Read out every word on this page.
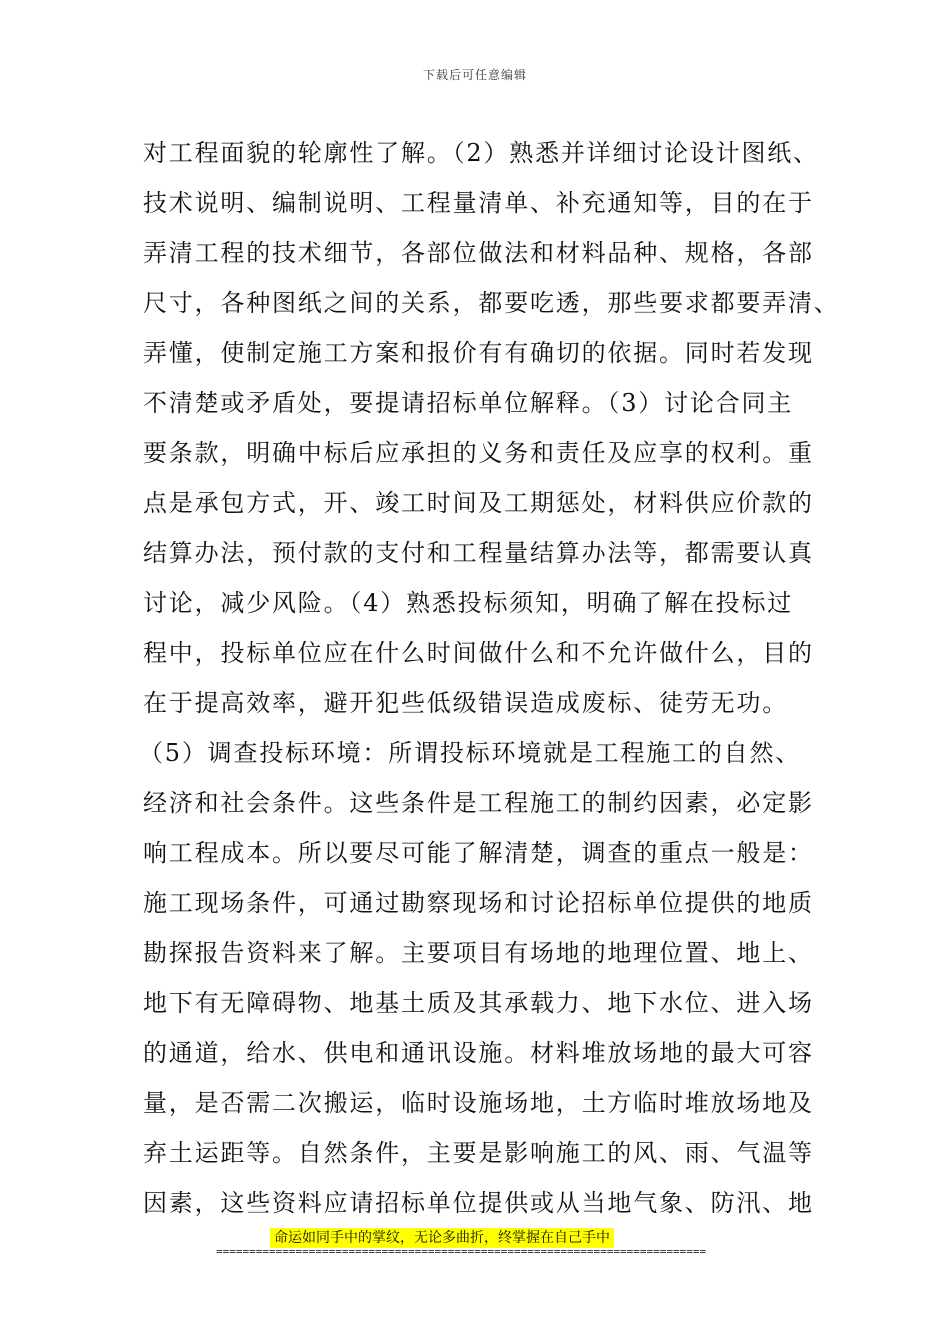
下载后可任意编辑
对工程面貌的轮廓性了解。（2）熟悉并详细讨论设计图纸、
技术说明、编制说明、工程量清单、补充通知等，目的在于
弄清工程的技术细节，各部位做法和材料品种、规格，各部
尺寸，各种图纸之间的关系，都要吃透，那些要求都要弄清、
弄懂，使制定施工方案和报价有有确切的依据。同时若发现
不清楚或矛盾处，要提请招标单位解释。（3）讨论合同主
要条款，明确中标后应承担的义务和责任及应享的权利。重
点是承包方式，开、竣工时间及工期惩处，材料供应价款的
结算办法，预付款的支付和工程量结算办法等，都需要认真
讨论，减少风险。（4）熟悉投标须知，明确了解在投标过
程中，投标单位应在什么时间做什么和不允许做什么，目的
在于提高效率，避开犯些低级错误造成废标、徒劳无功。
（5）调查投标环境：所谓投标环境就是工程施工的自然、
经济和社会条件。这些条件是工程施工的制约因素，必定影
响工程成本。所以要尽可能了解清楚，调查的重点一般是：
施工现场条件，可通过勘察现场和讨论招标单位提供的地质
勘探报告资料来了解。主要项目有场地的地理位置、地上、
地下有无障碍物、地基土质及其承载力、地下水位、进入场
的通道，给水、供电和通讯设施。材料堆放场地的最大可容
量，是否需二次搬运，临时设施场地，土方临时堆放场地及
弃土运距等。自然条件，主要是影响施工的风、雨、气温等
因素，这些资料应请招标单位提供或从当地气象、防汛、地
命运如同手中的掌纹，无论多曲折，终掌握在自己手中
==========================================================================
